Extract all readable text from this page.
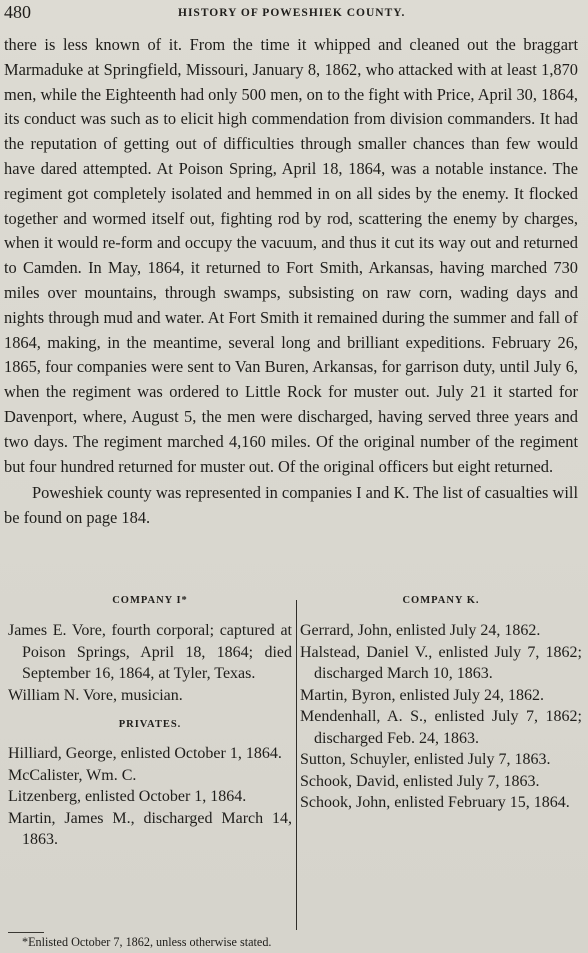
480	HISTORY OF POWESHIEK COUNTY.

there is less known of it. From the time it whipped and cleaned out the braggart Marmaduke at Springfield, Missouri, January 8, 1862, who attacked with at least 1,870 men, while the Eighteenth had only 500 men, on to the fight with Price, April 30, 1864, its conduct was such as to elicit high commendation from division commanders. It had the reputation of getting out of difficulties through smaller chances than few would have dared attempted. At Poison Spring, April 18, 1864, was a notable instance. The regiment got completely isolated and hemmed in on all sides by the enemy. It flocked together and wormed itself out, fighting rod by rod, scattering the enemy by charges, when it would re-form and occupy the vacuum, and thus it cut its way out and returned to Camden. In May, 1864, it returned to Fort Smith, Arkansas, having marched 730 miles over mountains, through swamps, subsisting on raw corn, wading days and nights through mud and water. At Fort Smith it remained during the summer and fall of 1864, making, in the meantime, several long and brilliant expeditions. February 26, 1865, four companies were sent to Van Buren, Arkansas, for garrison duty, until July 6, when the regiment was ordered to Little Rock for muster out. July 21 it started for Davenport, where, August 5, the men were discharged, having served three years and two days. The regiment marched 4,160 miles. Of the original number of the regiment but four hundred returned for muster out. Of the original officers but eight returned.

Poweshiek county was represented in companies I and K. The list of casualties will be found on page 184.

COMPANY I*
James E. Vore, fourth corporal; captured at Poison Springs, April 18, 1864; died September 16, 1864, at Tyler, Texas.
William N. Vore, musician.
PRIVATES.
Hilliard, George, enlisted October 1, 1864.
McCalister, Wm. C.
Litzenberg, enlisted October 1, 1864.
Martin, James M., discharged March 14, 1863.
COMPANY K.
Gerrard, John, enlisted July 24, 1862.
Halstead, Daniel V., enlisted July 7, 1862; discharged March 10, 1863.
Martin, Byron, enlisted July 24, 1862.
Mendenhall, A. S., enlisted July 7, 1862; discharged Feb. 24, 1863.
Sutton, Schuyler, enlisted July 7, 1863.
Schook, David, enlisted July 7, 1863.
Schook, John, enlisted February 15, 1864.
*Enlisted October 7, 1862, unless otherwise stated.
